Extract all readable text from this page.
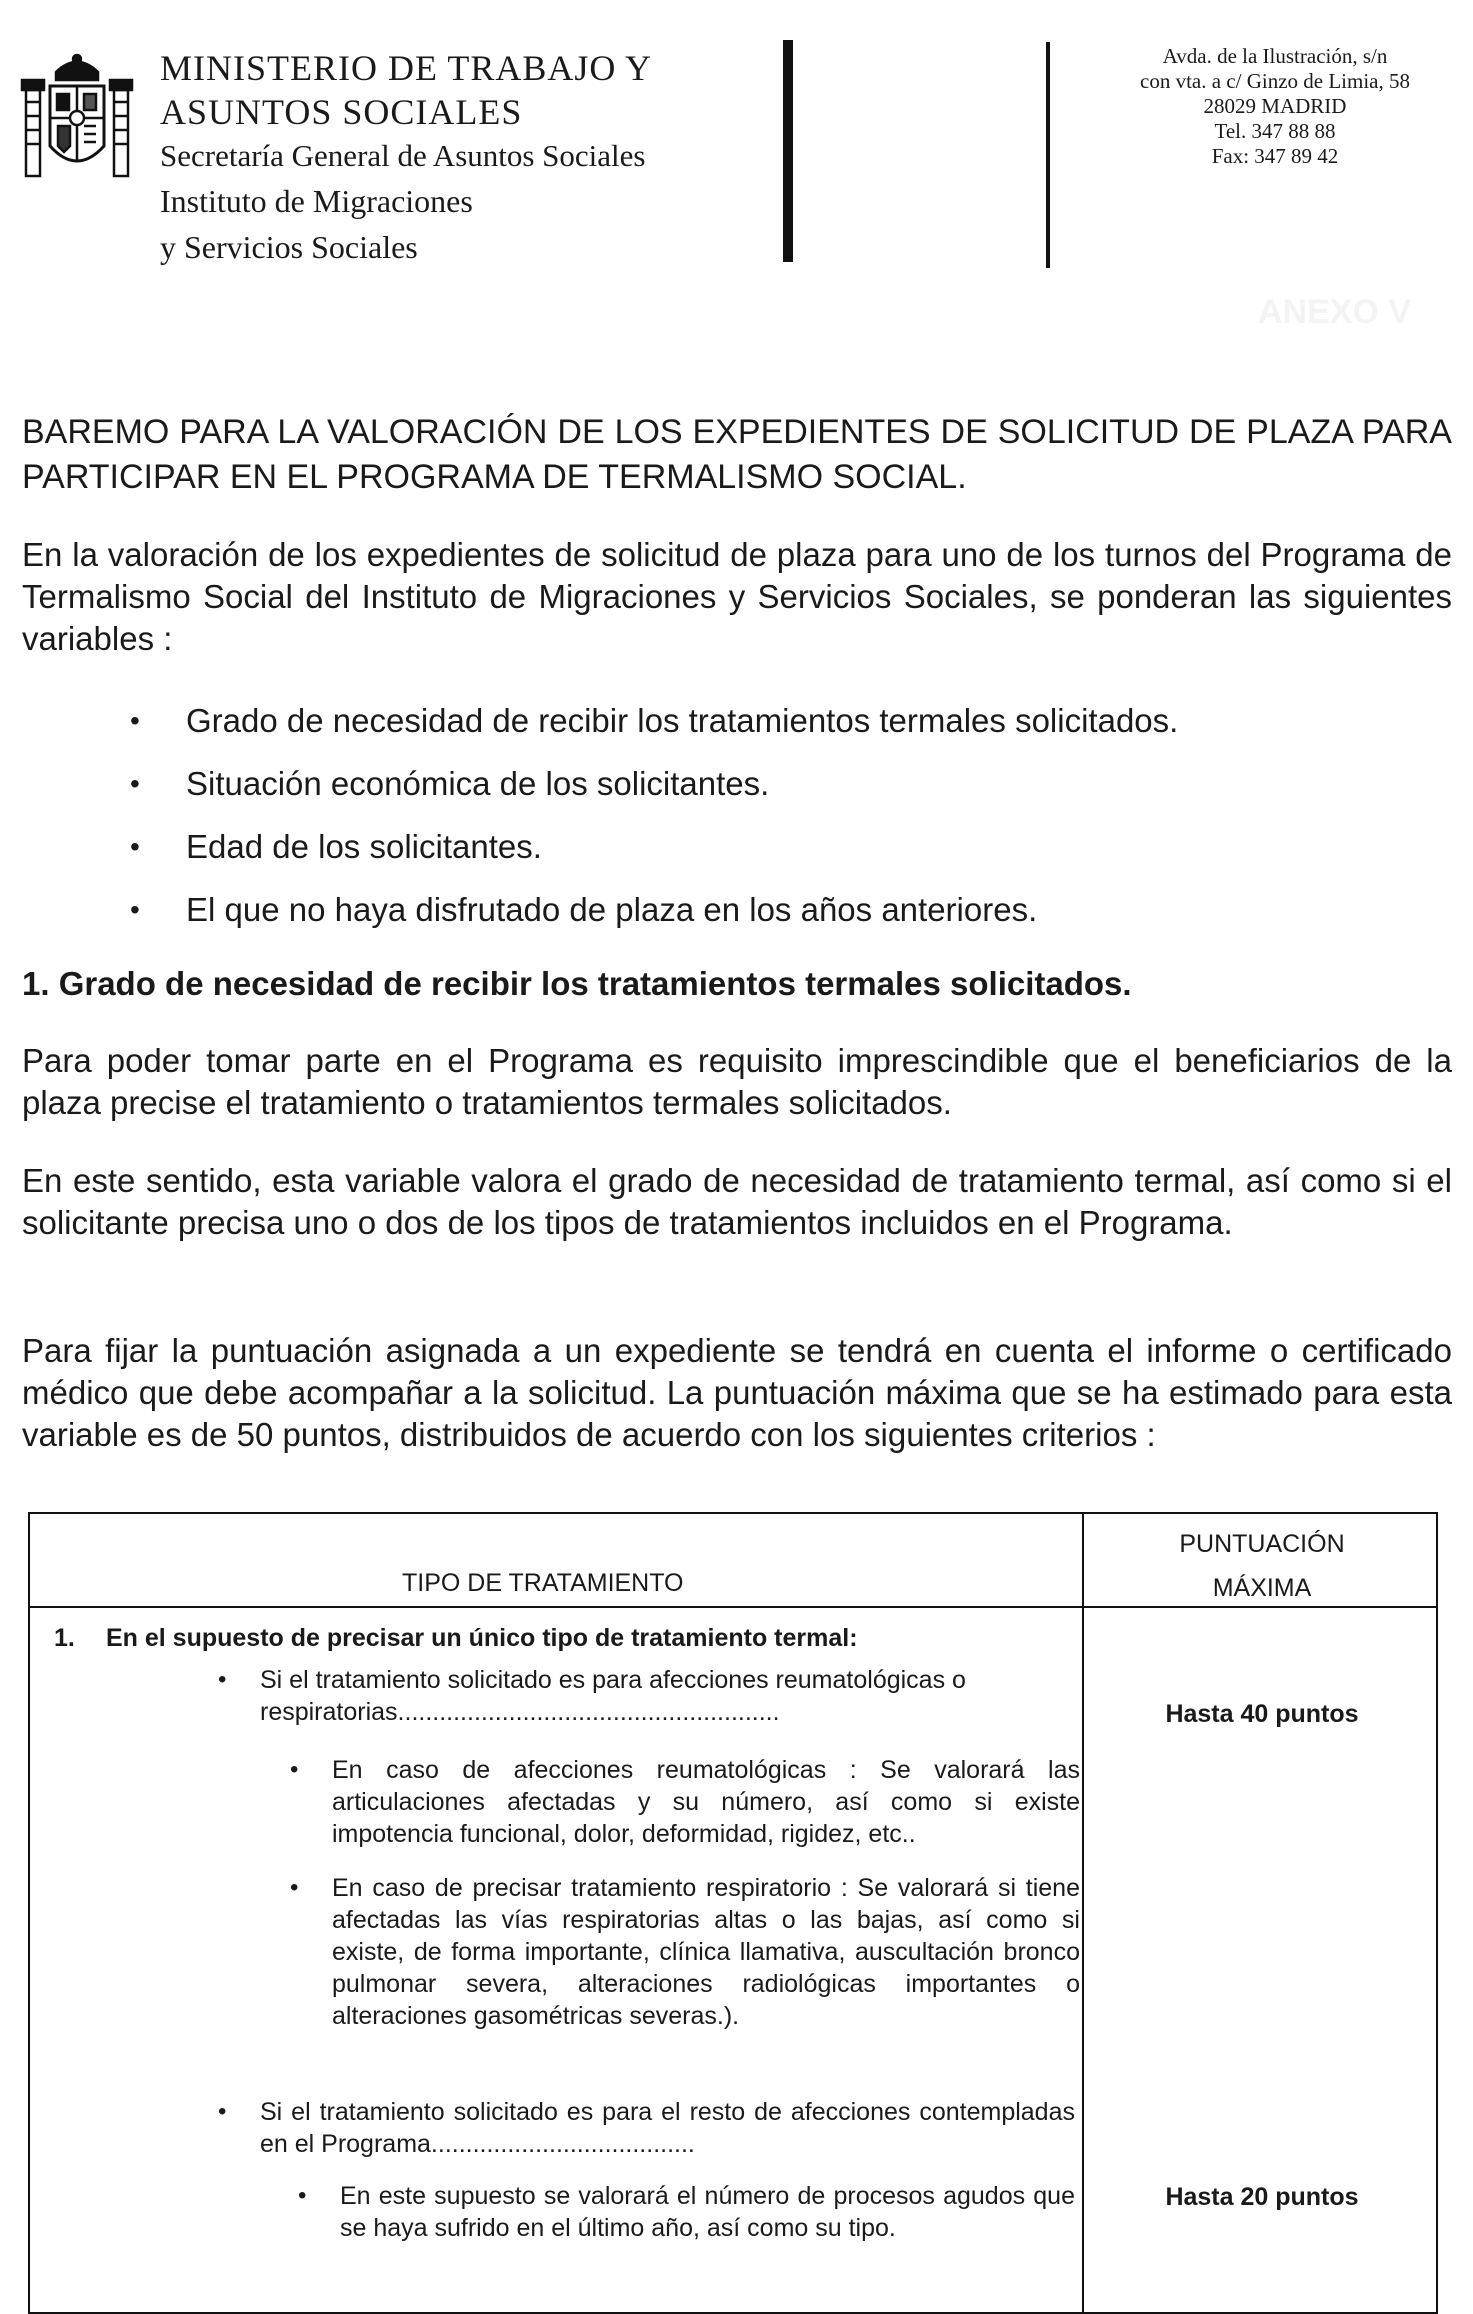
MINISTERIO DE TRABAJO Y
ASUNTOS SOCIALES
Secretaría General de Asuntos Sociales
Instituto de Migraciones
y Servicios Sociales
Avda. de la Ilustración, s/n
con vta. a c/ Ginzo de Limia, 58
28029 MADRID
Tel. 347 88 88
Fax: 347 89 42
ANEXO V
BAREMO PARA LA VALORACIÓN DE LOS EXPEDIENTES DE SOLICITUD DE PLAZA PARA PARTICIPAR EN EL PROGRAMA DE TERMALISMO SOCIAL.
En la valoración de los expedientes de solicitud de plaza para uno de los turnos del Programa de Termalismo Social del Instituto de Migraciones y Servicios Sociales, se ponderan las siguientes variables :
• Grado de necesidad de recibir los tratamientos termales solicitados.
• Situación económica de los solicitantes.
• Edad de los solicitantes.
• El que no haya disfrutado de plaza en los años anteriores.
1. Grado de necesidad de recibir los tratamientos termales solicitados.
Para poder tomar parte en el Programa es requisito imprescindible que el beneficiarios de la plaza precise el tratamiento o tratamientos termales solicitados.
En este sentido, esta variable valora el grado de necesidad de tratamiento termal, así como si el solicitante precisa uno o dos de los tipos de tratamientos incluidos en el Programa.
Para fijar la puntuación asignada a un expediente se tendrá en cuenta el informe o certificado médico que debe acompañar a la solicitud. La puntuación máxima que se ha estimado para esta variable es de 50 puntos, distribuidos de acuerdo con los siguientes criterios :
TIPO DE TRATAMIENTO
PUNTUACIÓN
MÁXIMA
1. En el supuesto de precisar un único tipo de tratamiento termal:
• Si el tratamiento solicitado es para afecciones reumatológicas o respiratorias.......................................................
• En caso de afecciones reumatológicas : Se valorará las articulaciones afectadas y su número, así como si existe impotencia funcional, dolor, deformidad, rigidez, etc..
• En caso de precisar tratamiento respiratorio : Se valorará si tiene afectadas las vías respiratorias altas o las bajas, así como si existe, de forma importante, clínica llamativa, auscultación bronco pulmonar severa, alteraciones radiológicas importantes o alteraciones gasométricas severas.).
• Si el tratamiento solicitado es para el resto de afecciones contempladas en el Programa......................................
• En este supuesto se valorará el número de procesos agudos que se haya sufrido en el último año, así como su tipo.
Hasta 40 puntos
Hasta 20 puntos
